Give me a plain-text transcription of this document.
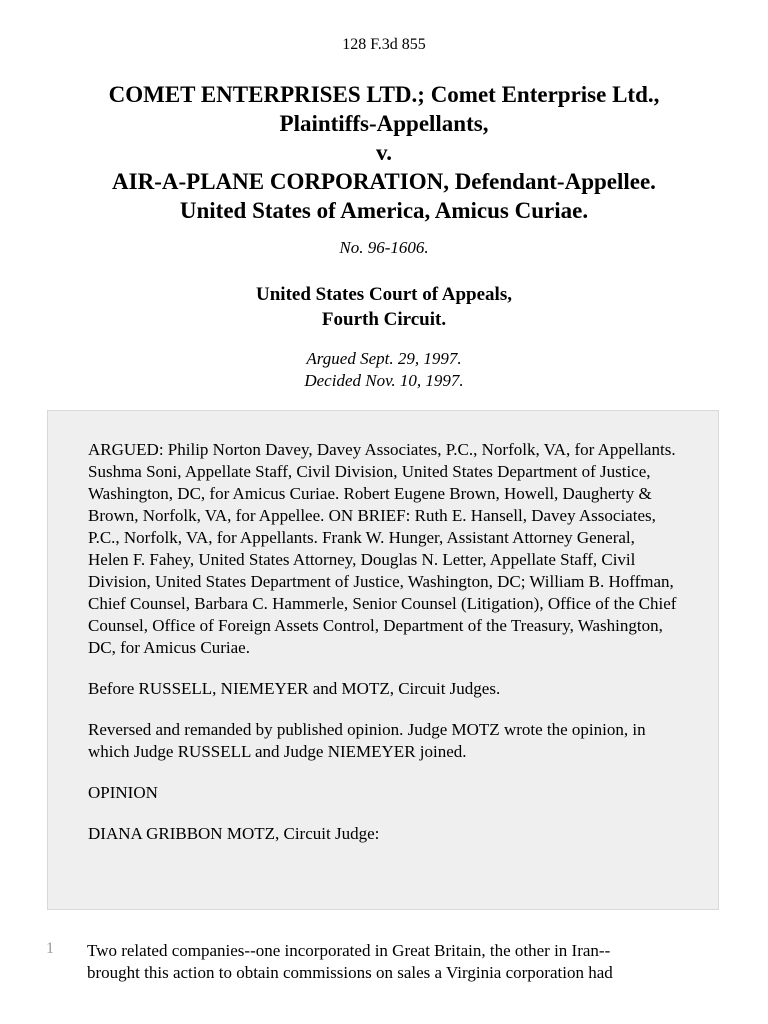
128 F.3d 855
COMET ENTERPRISES LTD.; Comet Enterprise Ltd.,
Plaintiffs-Appellants,
v.
AIR-A-PLANE CORPORATION, Defendant-Appellee.
United States of America, Amicus Curiae.
No. 96-1606.
United States Court of Appeals,
Fourth Circuit.
Argued Sept. 29, 1997.
Decided Nov. 10, 1997.

ARGUED: Philip Norton Davey, Davey Associates, P.C., Norfolk, VA, for Appellants. Sushma Soni, Appellate Staff, Civil Division, United States Department of Justice, Washington, DC, for Amicus Curiae. Robert Eugene Brown, Howell, Daugherty & Brown, Norfolk, VA, for Appellee. ON BRIEF: Ruth E. Hansell, Davey Associates, P.C., Norfolk, VA, for Appellants. Frank W. Hunger, Assistant Attorney General, Helen F. Fahey, United States Attorney, Douglas N. Letter, Appellate Staff, Civil Division, United States Department of Justice, Washington, DC; William B. Hoffman, Chief Counsel, Barbara C. Hammerle, Senior Counsel (Litigation), Office of the Chief Counsel, Office of Foreign Assets Control, Department of the Treasury, Washington, DC, for Amicus Curiae.

Before RUSSELL, NIEMEYER and MOTZ, Circuit Judges.

Reversed and remanded by published opinion. Judge MOTZ wrote the opinion, in which Judge RUSSELL and Judge NIEMEYER joined.

OPINION

DIANA GRIBBON MOTZ, Circuit Judge:

1 Two related companies--one incorporated in Great Britain, the other in Iran--
brought this action to obtain commissions on sales a Virginia corporation had
